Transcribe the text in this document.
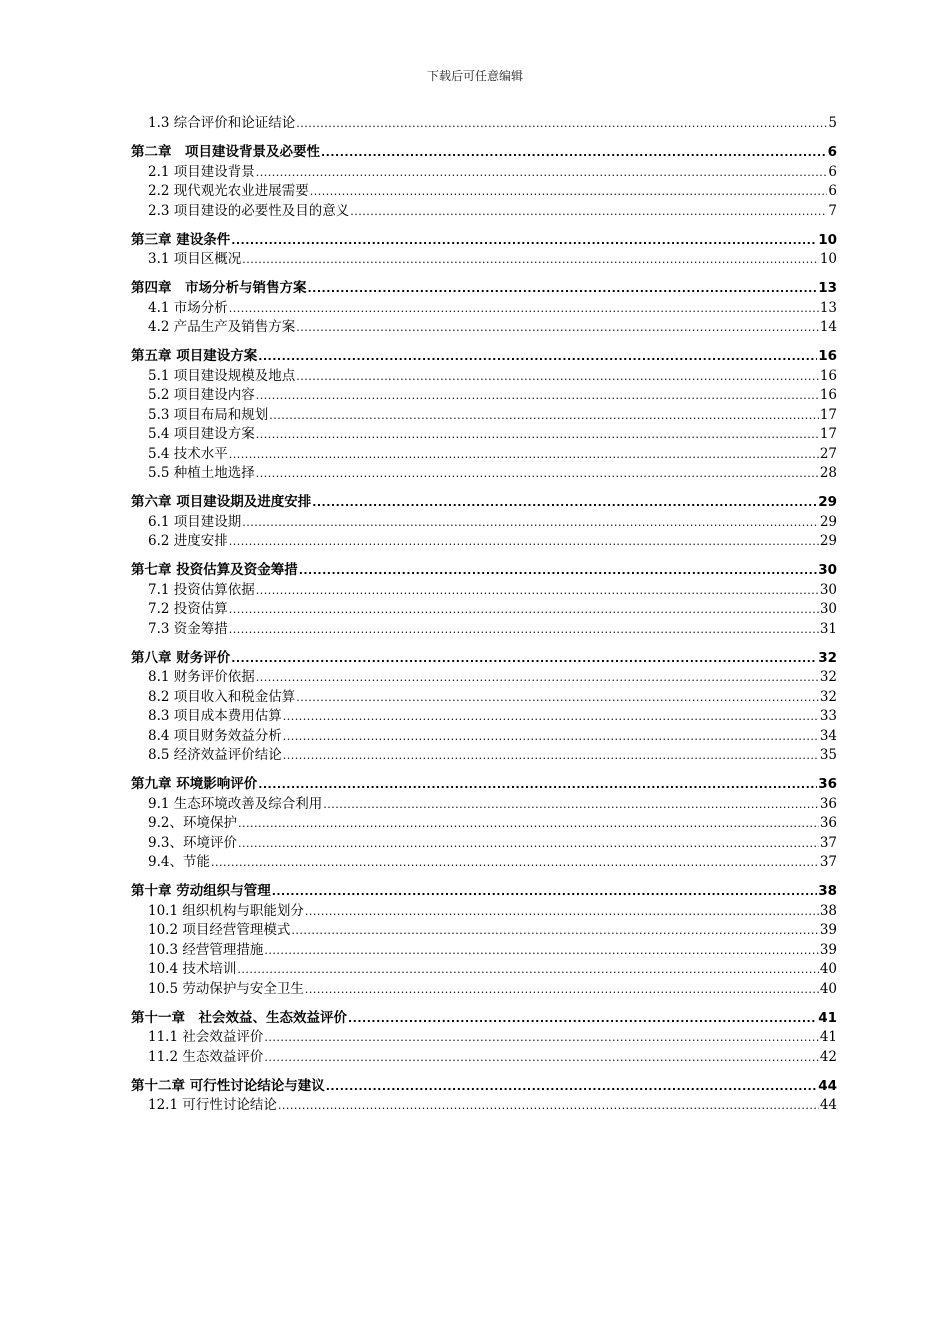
下载后可任意编辑
1.3 综合评价和论证结论 .....	5
第二章　项目建设背景及必要性 .....	6
2.1 项目建设背景 .....	6
2.2 现代观光农业进展需要 .....	6
2.3 项目建设的必要性及目的意义 .....	7
第三章 建设条件 .....	10
3.1 项目区概况 .....	10
第四章　市场分析与销售方案 .....	13
4.1 市场分析 .....	13
4.2 产品生产及销售方案 .....	14
第五章 项目建设方案 .....	16
5.1 项目建设规模及地点 .....	16
5.2 项目建设内容 .....	16
5.3 项目布局和规划 .....	17
5.4 项目建设方案 .....	17
5.4 技术水平 .....	27
5.5 种植土地选择 .....	28
第六章 项目建设期及进度安排 .....	29
6.1 项目建设期 .....	29
6.2 进度安排 .....	29
第七章 投资估算及资金筹措 .....	30
7.1 投资估算依据 .....	30
7.2 投资估算 .....	30
7.3 资金筹措 .....	31
第八章 财务评价 .....	32
8.1 财务评价依据 .....	32
8.2 项目收入和税金估算 .....	32
8.3 项目成本费用估算 .....	33
8.4 项目财务效益分析 .....	34
8.5 经济效益评价结论 .....	35
第九章 环境影响评价 .....	36
9.1 生态环境改善及综合利用 .....	36
9.2、环境保护 .....	36
9.3、环境评价 .....	37
9.4、节能 .....	37
第十章 劳动组织与管理 .....	38
10.1 组织机构与职能划分 .....	38
10.2 项目经营管理模式 .....	39
10.3 经营管理措施 .....	39
10.4 技术培训 .....	40
10.5 劳动保护与安全卫生 .....	40
第十一章　社会效益、生态效益评价 .....	41
11.1 社会效益评价 .....	41
11.2 生态效益评价 .....	42
第十二章 可行性讨论结论与建议 .....	44
12.1 可行性讨论结论 .....	44
